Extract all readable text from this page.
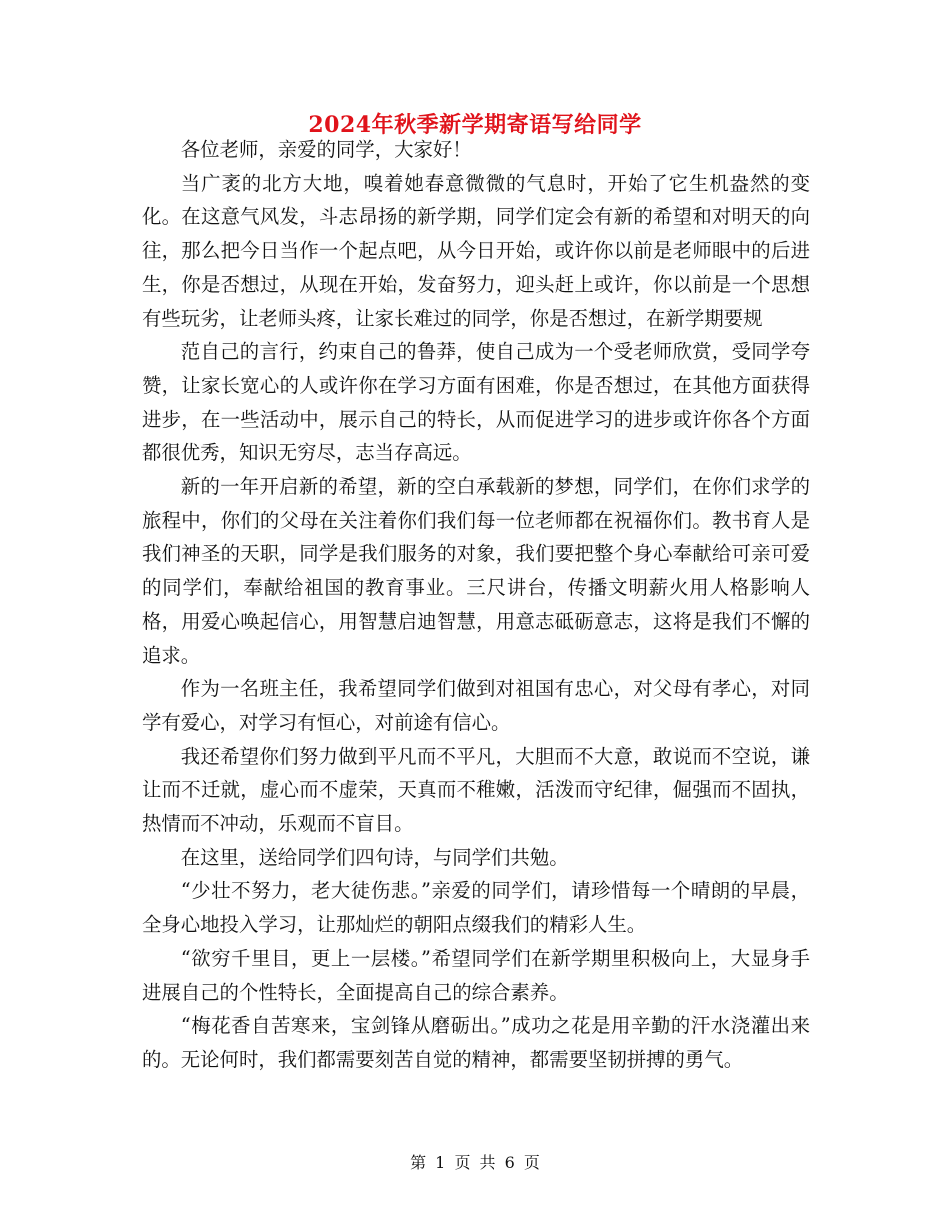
2024年秋季新学期寄语写给同学

各位老师，亲爱的同学，大家好！

当广袤的北方大地，嗅着她春意微微的气息时，开始了它生机盎然的变化。在这意气风发，斗志昂扬的新学期，同学们定会有新的希望和对明天的向往，那么把今日当作一个起点吧，从今日开始，或许你以前是老师眼中的后进生，你是否想过，从现在开始，发奋努力，迎头赶上或许，你以前是一个思想有些玩劣，让老师头疼，让家长难过的同学，你是否想过，在新学期要规

范自己的言行，约束自己的鲁莽，使自己成为一个受老师欣赏，受同学夸赞，让家长宽心的人或许你在学习方面有困难，你是否想过，在其他方面获得进步，在一些活动中，展示自己的特长，从而促进学习的进步或许你各个方面都很优秀，知识无穷尽，志当存高远。

新的一年开启新的希望，新的空白承载新的梦想，同学们，在你们求学的旅程中，你们的父母在关注着你们我们每一位老师都在祝福你们。教书育人是我们神圣的天职，同学是我们服务的对象，我们要把整个身心奉献给可亲可爱的同学们，奉献给祖国的教育事业。三尺讲台，传播文明薪火用人格影响人格，用爱心唤起信心，用智慧启迪智慧，用意志砥砺意志，这将是我们不懈的追求。

作为一名班主任，我希望同学们做到对祖国有忠心，对父母有孝心，对同学有爱心，对学习有恒心，对前途有信心。

我还希望你们努力做到平凡而不平凡，大胆而不大意，敢说而不空说，谦让而不迁就，虚心而不虚荣，天真而不稚嫩，活泼而守纪律，倔强而不固执，热情而不冲动，乐观而不盲目。

在这里，送给同学们四句诗，与同学们共勉。

“少壮不努力，老大徒伤悲。”亲爱的同学们，请珍惜每一个晴朗的早晨，全身心地投入学习，让那灿烂的朝阳点缀我们的精彩人生。

“欲穷千里目，更上一层楼。”希望同学们在新学期里积极向上，大显身手进展自己的个性特长，全面提高自己的综合素养。

“梅花香自苦寒来，宝剑锋从磨砺出。”成功之花是用辛勤的汗水浇灌出来的。无论何时，我们都需要刻苦自觉的精神，都需要坚韧拼搏的勇气。

第 1 页 共 6 页
